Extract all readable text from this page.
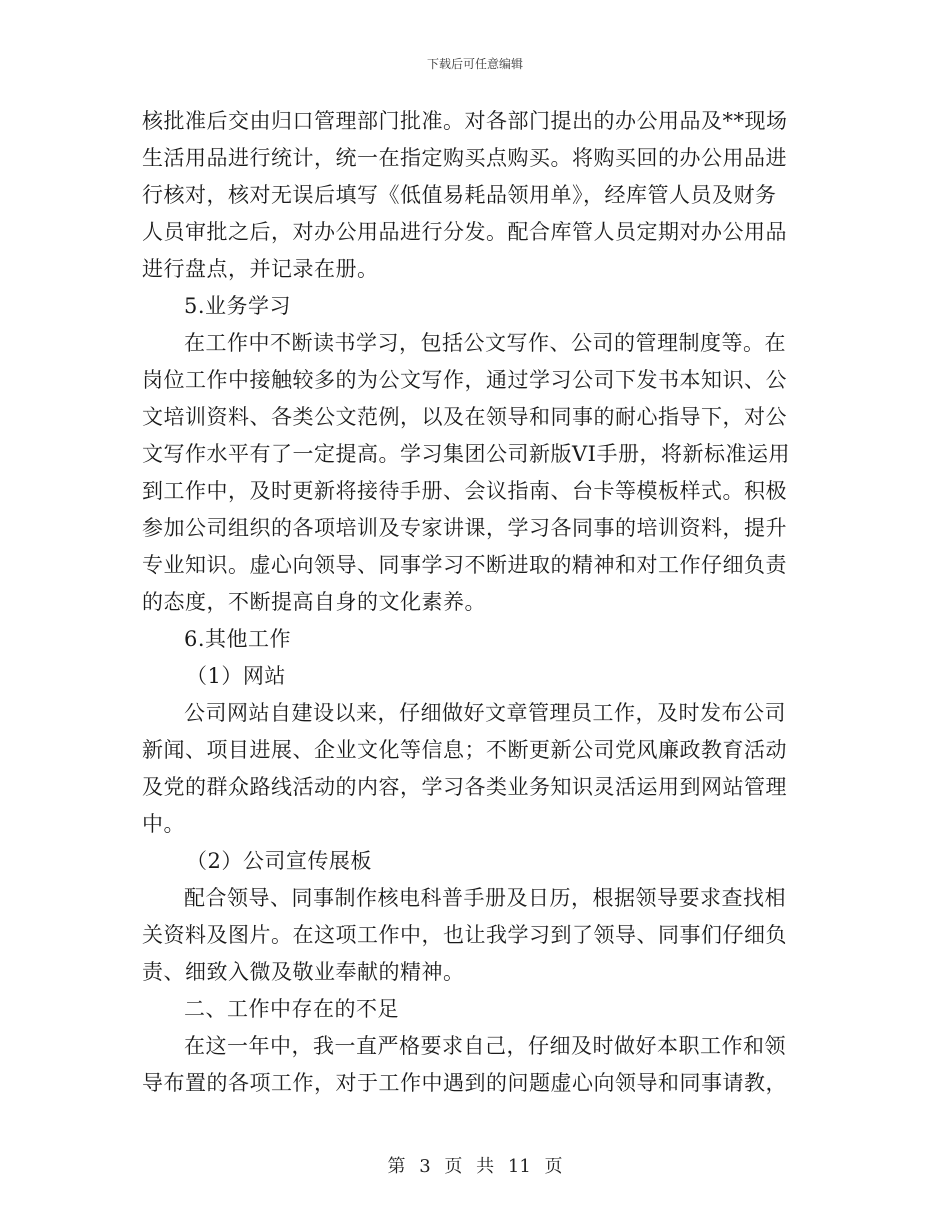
下载后可任意编辑
核批准后交由归口管理部门批准。对各部门提出的办公用品及**现场
生活用品进行统计，统一在指定购买点购买。将购买回的办公用品进
行核对，核对无误后填写《低值易耗品领用单》，经库管人员及财务
人员审批之后，对办公用品进行分发。配合库管人员定期对办公用品
进行盘点，并记录在册。
5.业务学习
在工作中不断读书学习，包括公文写作、公司的管理制度等。在
岗位工作中接触较多的为公文写作，通过学习公司下发书本知识、公
文培训资料、各类公文范例，以及在领导和同事的耐心指导下，对公
文写作水平有了一定提高。学习集团公司新版VI手册，将新标准运用
到工作中，及时更新将接待手册、会议指南、台卡等模板样式。积极
参加公司组织的各项培训及专家讲课，学习各同事的培训资料，提升
专业知识。虚心向领导、同事学习不断进取的精神和对工作仔细负责
的态度，不断提高自身的文化素养。
6.其他工作
（1）网站
公司网站自建设以来，仔细做好文章管理员工作，及时发布公司
新闻、项目进展、企业文化等信息；不断更新公司党风廉政教育活动
及党的群众路线活动的内容，学习各类业务知识灵活运用到网站管理
中。
（2）公司宣传展板
配合领导、同事制作核电科普手册及日历，根据领导要求查找相
关资料及图片。在这项工作中，也让我学习到了领导、同事们仔细负
责、细致入微及敬业奉献的精神。
二、工作中存在的不足
在这一年中，我一直严格要求自己，仔细及时做好本职工作和领
导布置的各项工作，对于工作中遇到的问题虚心向领导和同事请教，
第 3 页 共 11 页
